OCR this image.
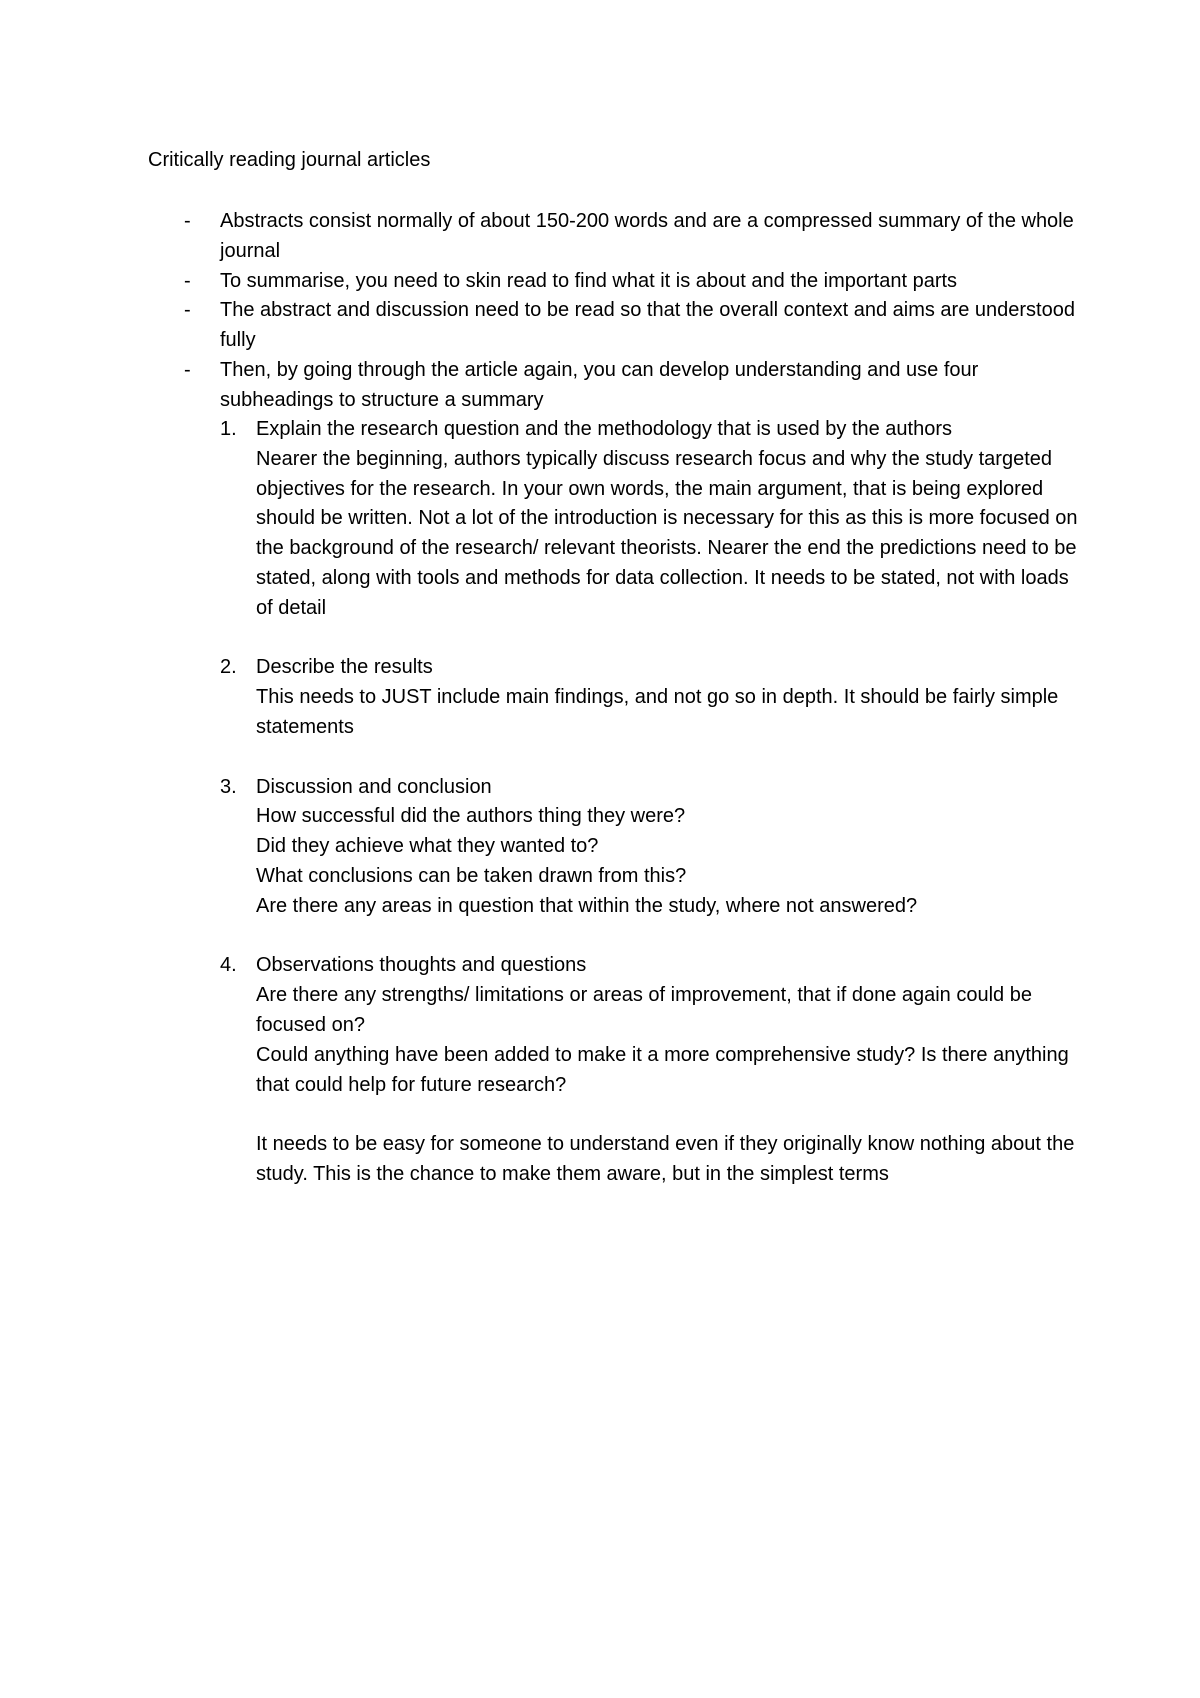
Critically reading journal articles
- Abstracts consist normally of about 150-200 words and are a compressed summary of the whole journal
- To summarise, you need to skin read to find what it is about and the important parts
- The abstract and discussion need to be read so that the overall context and aims are understood fully
- Then, by going through the article again, you can develop understanding and use four subheadings to structure a summary
1. Explain the research question and the methodology that is used by the authors

Nearer the beginning, authors typically discuss research focus and why the study targeted objectives for the research. In your own words, the main argument, that is being explored should be written. Not a lot of the introduction is necessary for this as this is more focused on the background of the research/ relevant theorists. Nearer the end the predictions need to be stated, along with tools and methods for data collection. It needs to be stated, not with loads of detail

2. Describe the results

This needs to JUST include main findings, and not go so in depth. It should be fairly simple statements

3. Discussion and conclusion
How successful did the authors thing they were?
Did they achieve what they wanted to?
What conclusions can be taken drawn from this?
Are there any areas in question that within the study, where not answered?
4. Observations thoughts and questions

Are there any strengths/ limitations or areas of improvement, that if done again could be focused on?

Could anything have been added to make it a more comprehensive study? Is there anything that could help for future research?

It needs to be easy for someone to understand even if they originally know nothing about the study. This is the chance to make them aware, but in the simplest terms
